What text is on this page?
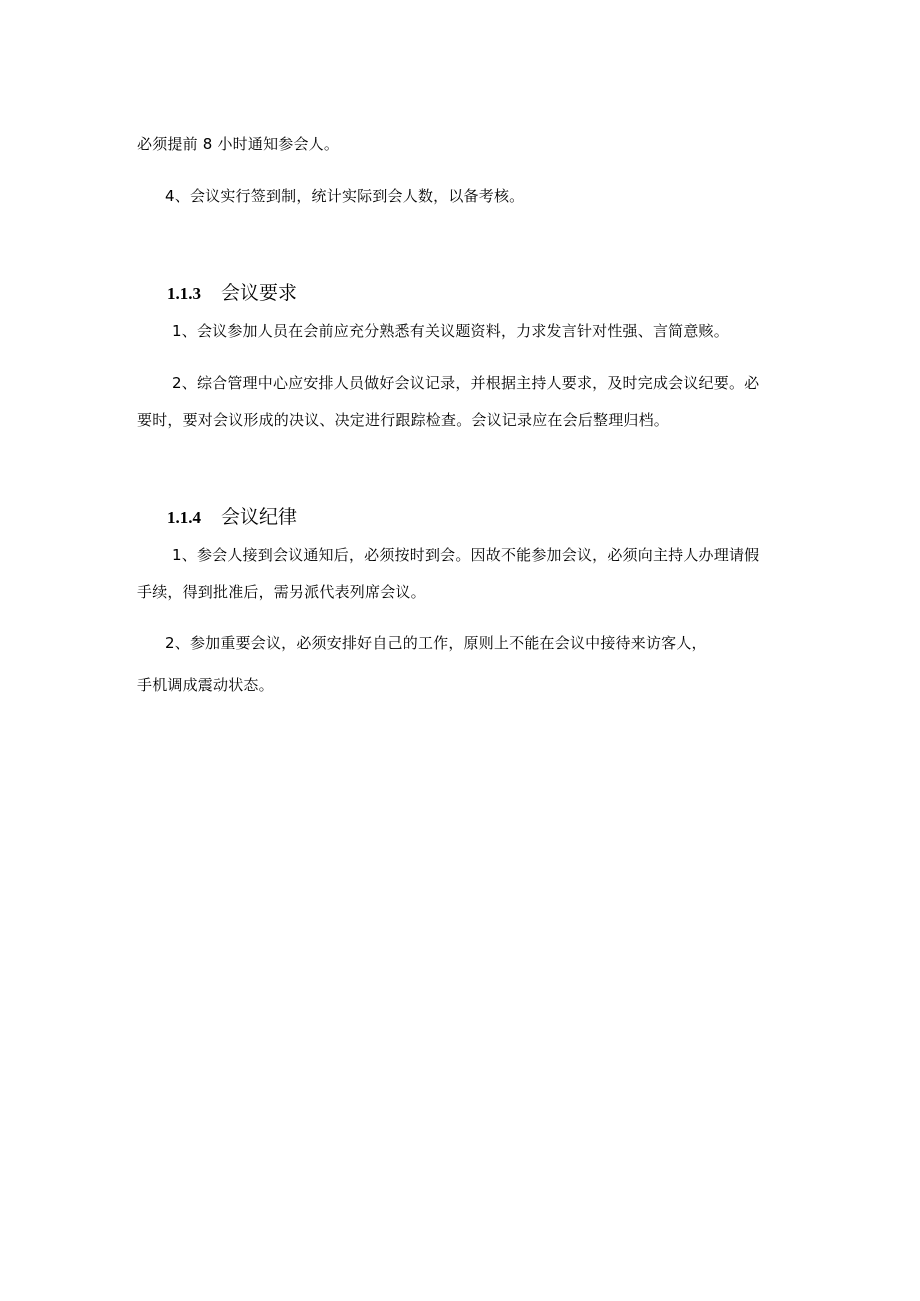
必须提前 8 小时通知参会人。
4、会议实行签到制，统计实际到会人数，以备考核。
1.1.3 会议要求
1、会议参加人员在会前应充分熟悉有关议题资料，力求发言针对性强、言简意赅。
2、综合管理中心应安排人员做好会议记录，并根据主持人要求，及时完成会议纪要。必
要时，要对会议形成的决议、决定进行跟踪检查。会议记录应在会后整理归档。
1.1.4 会议纪律
1、参会人接到会议通知后，必须按时到会。因故不能参加会议，必须向主持人办理请假
手续，得到批准后，需另派代表列席会议。
2、参加重要会议，必须安排好自己的工作，原则上不能在会议中接待来访客人，
手机调成震动状态。
